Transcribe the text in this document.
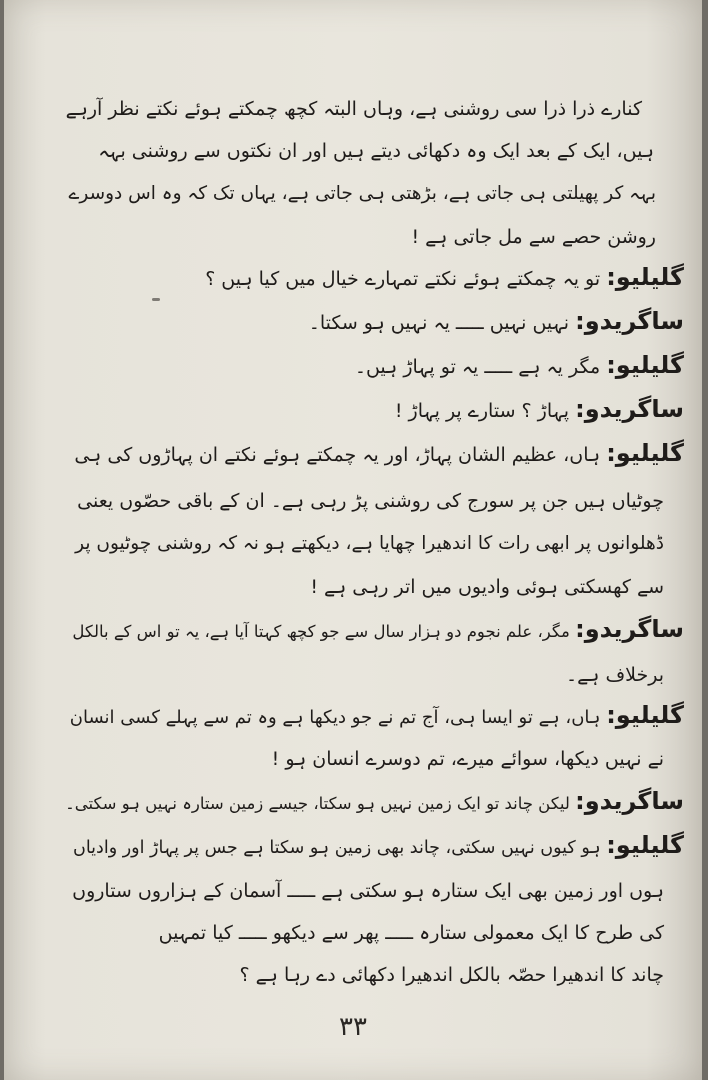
کنارے ذرا ذرا سی روشنی ہے، وہاں البتہ کچھ چمکتے ہوئے نکتے نظر آرہے
ہیں، ایک کے بعد ایک وہ دکھائی دیتے ہیں اور ان نکتوں سے روشنی بہہ
بہہ کر پھیلتی ہی جاتی ہے، بڑھتی ہی جاتی ہے، یہاں تک کہ وہ اس دوسرے
روشن حصے سے مل جاتی ہے !
گلیلیو: تو یہ چمکتے ہوئے نکتے تمہارے خیال میں کیا ہیں ؟
ساگریدو: نہیں نہیں ـــــ یہ نہیں ہو سکتا۔
گلیلیو: مگر یہ ہے ـــــ یہ تو پہاڑ ہیں۔
ساگریدو: پہاڑ ؟ ستارے پر پہاڑ !
گلیلیو: ہاں، عظیم الشان پہاڑ، اور یہ چمکتے ہوئے نکتے ان پہاڑوں کی ہی
چوٹیاں ہیں جن پر سورج کی روشنی پڑ رہی ہے۔ ان کے باقی حصّوں یعنی
ڈھلوانوں پر ابھی رات کا اندھیرا چھایا ہے، دیکھتے ہو نہ کہ روشنی چوٹیوں پر
سے کھسکتی ہوئی وادیوں میں اتر رہی ہے !
ساگریدو: مگر، علم نجوم دو ہزار سال سے جو کچھ کہتا آیا ہے، یہ تو اس کے بالکل
برخلاف ہے۔
گلیلیو: ہاں، ہے تو ایسا ہی، آج تم نے جو دیکھا ہے وہ تم سے پہلے کسی انسان
نے نہیں دیکھا، سوائے میرے، تم دوسرے انسان ہو !
ساگریدو: لیکن چاند تو ایک زمین نہیں ہو سکتا، جیسے زمین ستارہ نہیں ہو سکتی۔
گلیلیو: ہو کیوں نہیں سکتی، چاند بھی زمین ہو سکتا ہے جس پر پہاڑ اور وادیاں
ہوں اور زمین بھی ایک ستارہ ہو سکتی ہے ـــــ آسمان کے ہزاروں ستاروں
کی طرح کا ایک معمولی ستارہ ـــــ پھر سے دیکھو ـــــ کیا تمہیں
چاند کا اندھیرا حصّہ بالکل اندھیرا دکھائی دے رہا ہے ؟
۳۳
